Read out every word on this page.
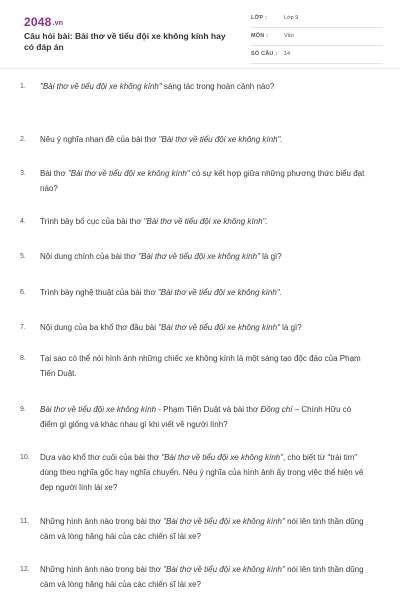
2048.vn
Câu hỏi bài: Bài thơ về tiểu đội xe không kính hay có đáp án
LỚP :	Lớp 9
MÔN :	Văn
SỐ CÂU : 14
1.	"Bài thơ về tiểu đội xe không kính" sáng tác trong hoàn cảnh nào?
2.	Nêu ý nghĩa nhan đề của bài thơ "Bài thơ về tiểu đội xe không kính".
3.	Bài thơ "Bài thơ về tiểu đội xe không kính" có sự kết hợp giữa những phương thức biểu đạt nào?
4.	Trình bày bố cục của bài thơ "Bài thơ về tiểu đội xe không kính".
5.	Nội dung chính của bài thơ "Bài thơ về tiểu đội xe không kính" là gì?
6.	Trình bày nghệ thuật của bài thơ "Bài thơ về tiểu đội xe không kính".
7.	Nội dung của ba khổ thơ đầu bài "Bài thơ về tiểu đội xe không kính" là gì?
8.	Tại sao có thể nói hình ảnh những chiếc xe không kính là một sáng tạo độc đáo của Phạm Tiến Duật.
9.	Bài thơ về tiểu đội xe không kính - Phạm Tiến Duật và bài thơ Đồng chí – Chính Hữu có điểm gì giống và khác nhau gì khi viết về người lính?
10.	Dựa vào khổ thơ cuối của bài thơ "Bài thơ về tiểu đội xe không kính", cho biết từ "trái tim" dùng theo nghĩa gốc hay nghĩa chuyển. Nêu ý nghĩa của hình ảnh ấy trong việc thể hiện vẻ đẹp người lính lái xe?
11.	Những hình ảnh nào trong bài thơ "Bài thơ về tiểu đội xe không kính" nói lên tinh thần dũng cảm và lòng hăng hái của các chiến sĩ lái xe?
12.	Những hình ảnh nào trong bài thơ "Bài thơ về tiểu đội xe không kính" nói lên tinh thần dũng cảm và lòng hăng hái của các chiến sĩ lái xe?
